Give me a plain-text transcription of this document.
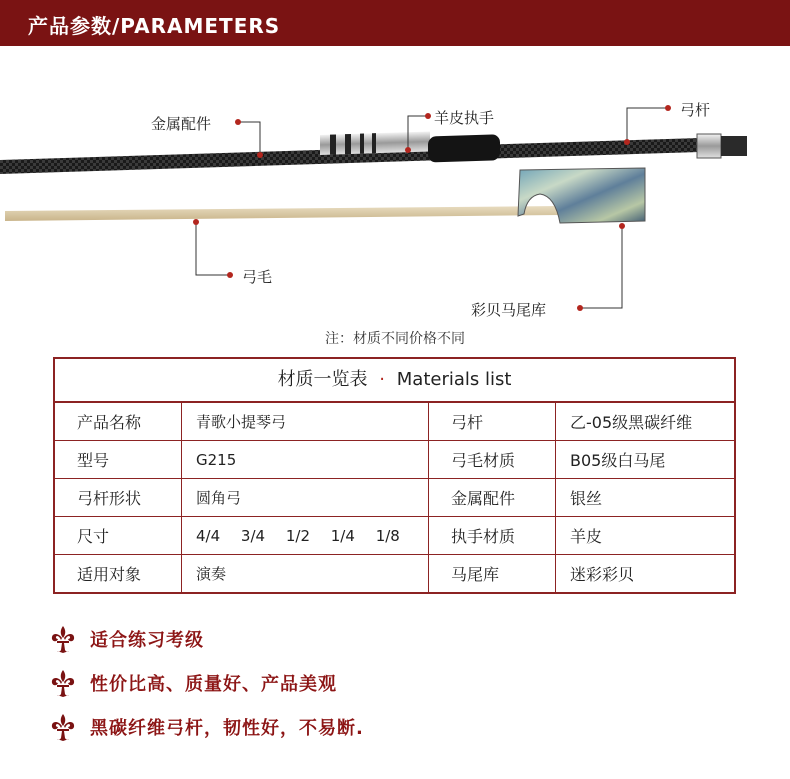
产品参数/PARAMETERS
金属配件	羊皮执手	弓杆
弓毛
彩贝马尾库
注：材质不同价格不同
材质一览表 · Materials list
产品名称	青歌小提琴弓	弓杆	乙-05级黑碳纤维
型号	G215	弓毛材质	B05级白马尾
弓杆形状	圆角弓	金属配件	银丝
尺寸	4/4 3/4 1/2 1/4 1/8	执手材质	羊皮
适用对象	演奏	马尾库	迷彩彩贝
适合练习考级
性价比高、质量好、产品美观
黑碳纤维弓杆，韧性好，不易断.
